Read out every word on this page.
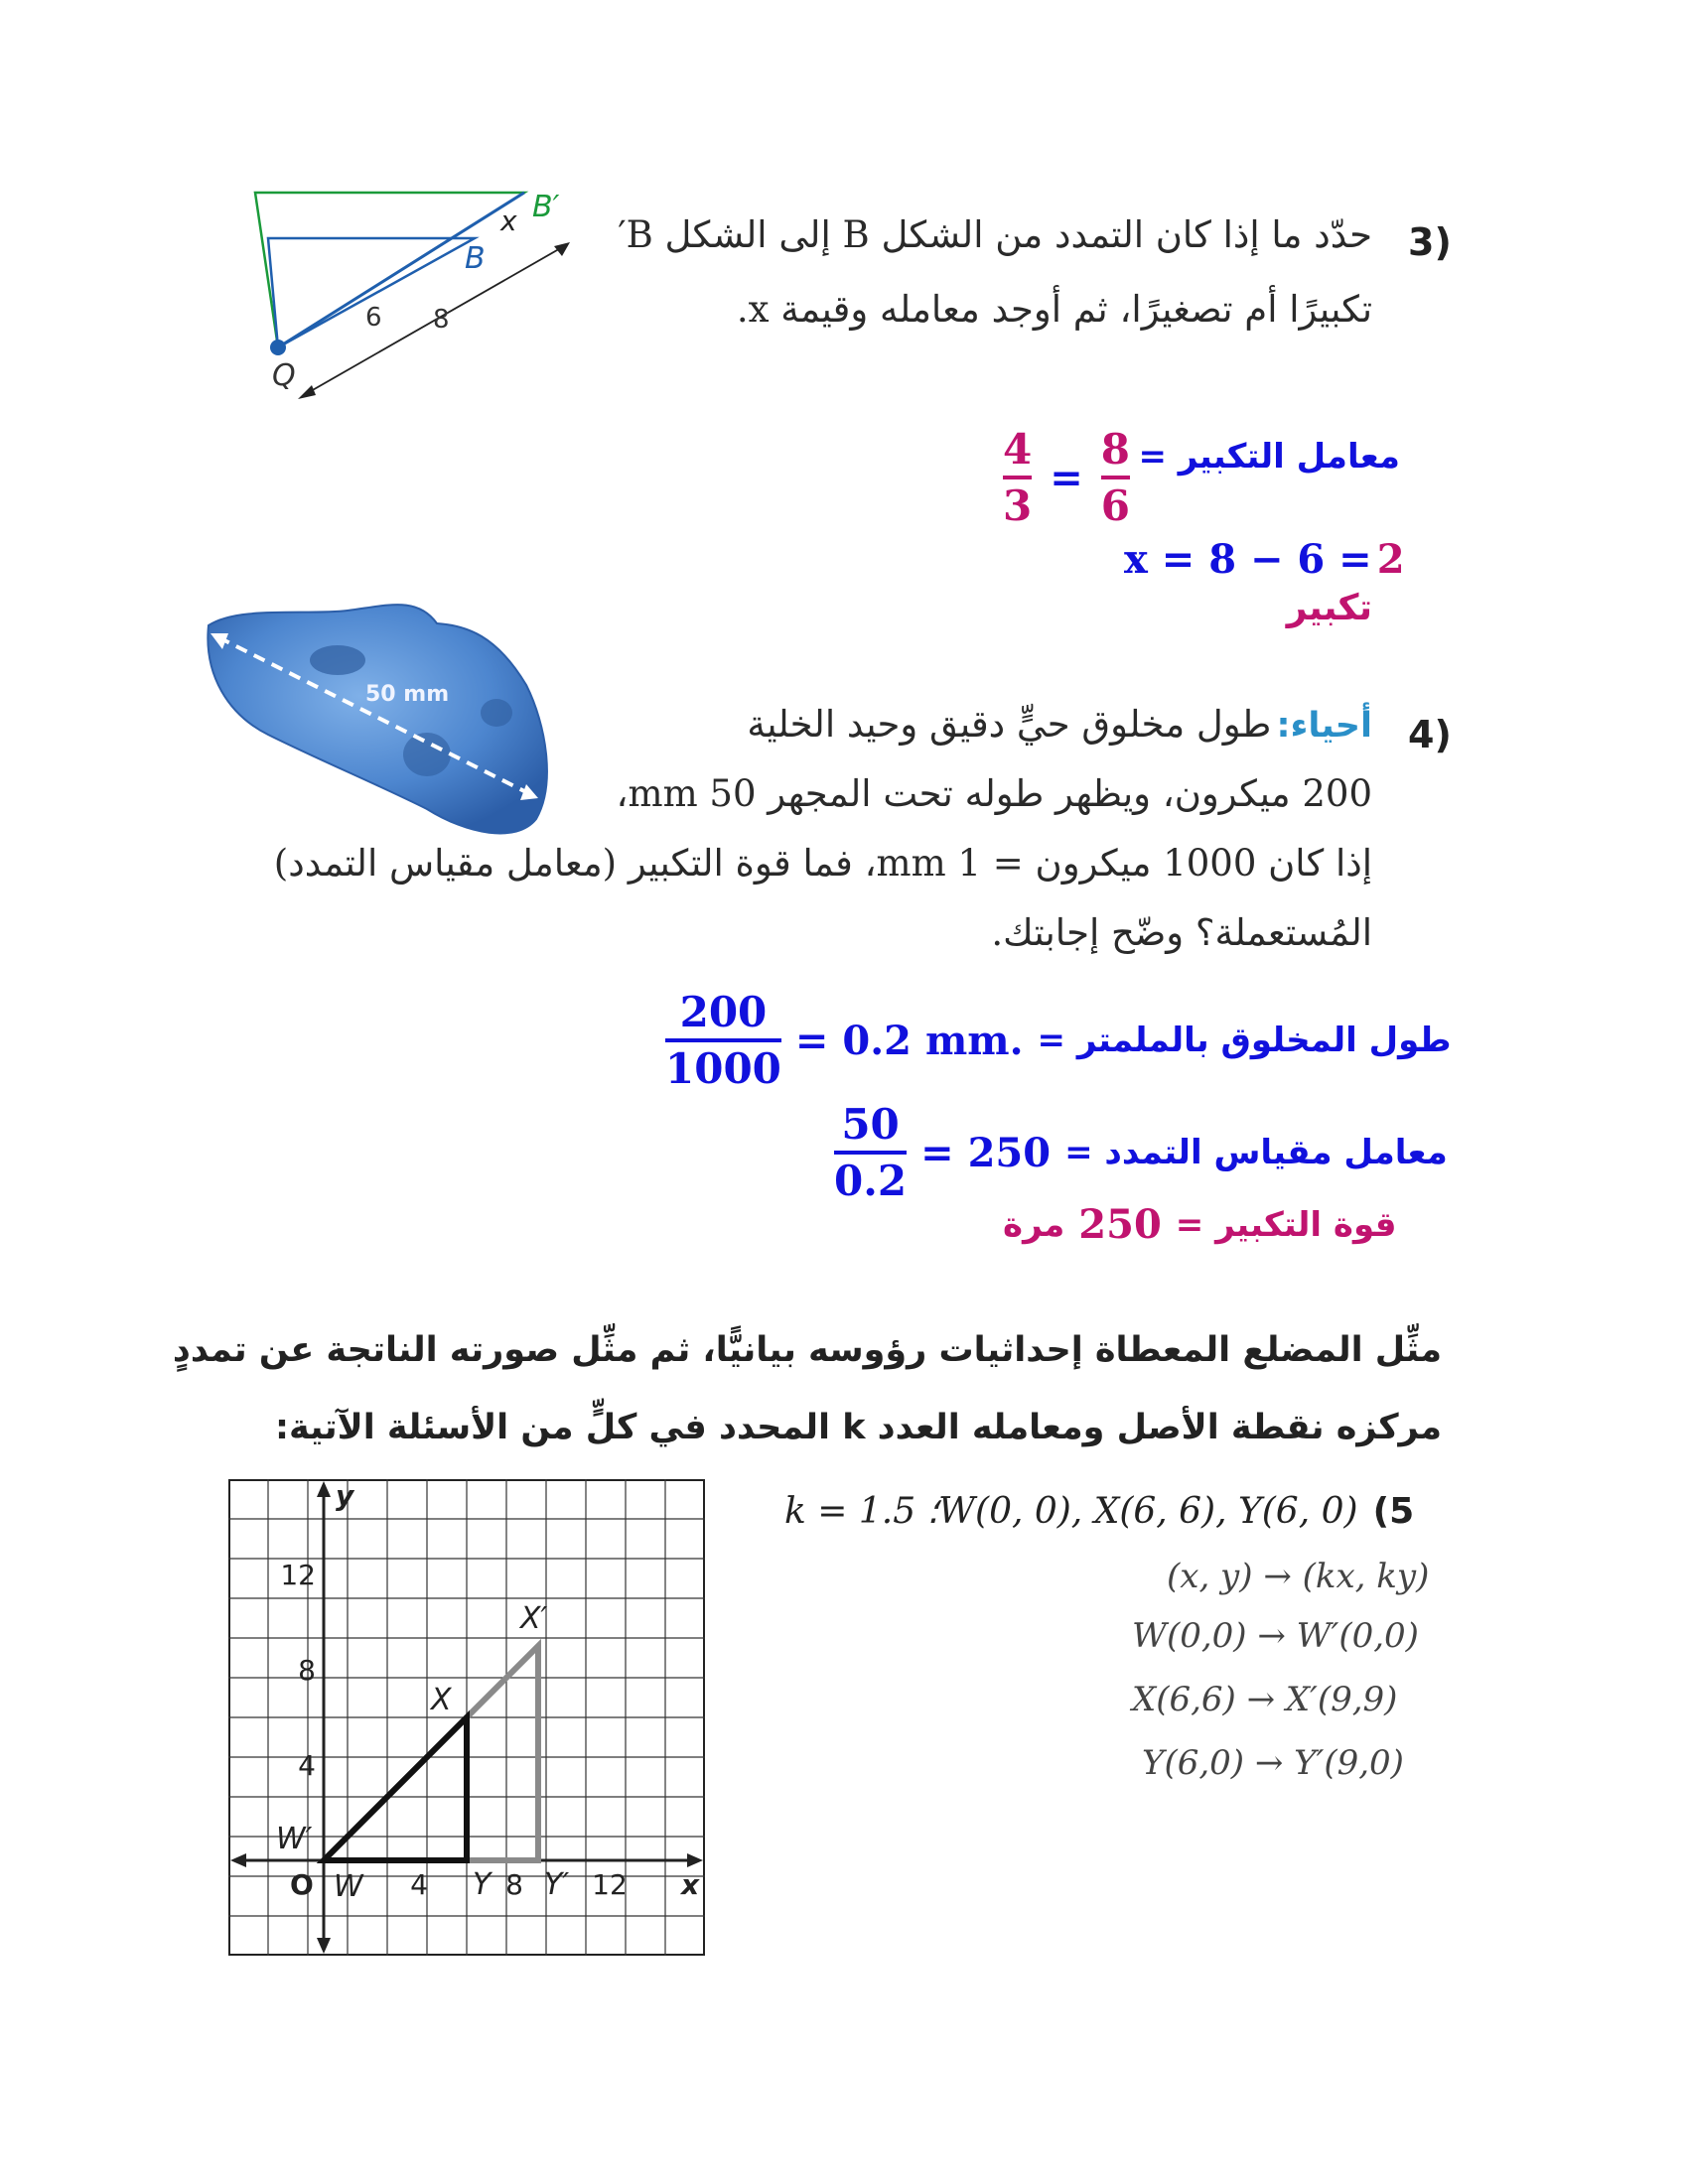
3)
حدّد ما إذا كان التمدد من الشكل B إلى الشكل B′
تكبيرًا أم تصغيرًا، ثم أوجد معامله وقيمة x.
6 8
B
x B′
Q
معامل التكبير =
$\frac{4}{3} = \frac{8}{6}$
x = 8 − 6 = 2
تكبير
50 mm
4)
أحياء: طول مخلوق حيٍّ دقيق وحيد الخلية
200 ميكرون، ويظهر طوله تحت المجهر 50 mm،
إذا كان 1000 ميكرون = 1 mm، فما قوة التكبير (معامل مقياس التمدد)
المُستعملة؟ وضّح إجابتك.
$\frac{200}{1000} = 0.2$ mm. طول المخلوق بالملمتر =
$\frac{50}{0.2} = 250$ معامل مقياس التمدد =
مرة 250 قوة التكبير =
مثِّل المضلع المعطاة إحداثيات رؤوسه بيانيًّا، ثم مثِّل صورته الناتجة عن تمددٍ
مركزه نقطة الأصل ومعامله العدد k المحدد في كلٍّ من الأسئلة الآتية:
k = 1.5 ؛W(0, 0), X(6, 6), Y(6, 0) (5
(x, y) → (kx, ky)
W(0,0) → W′(0,0)
X(6,6) → X′(9,9)
Y(6,0) → Y′(9,0)
x
y
O	4	8 12
4
8
12
W
X
Y
W′
X′
Y′
